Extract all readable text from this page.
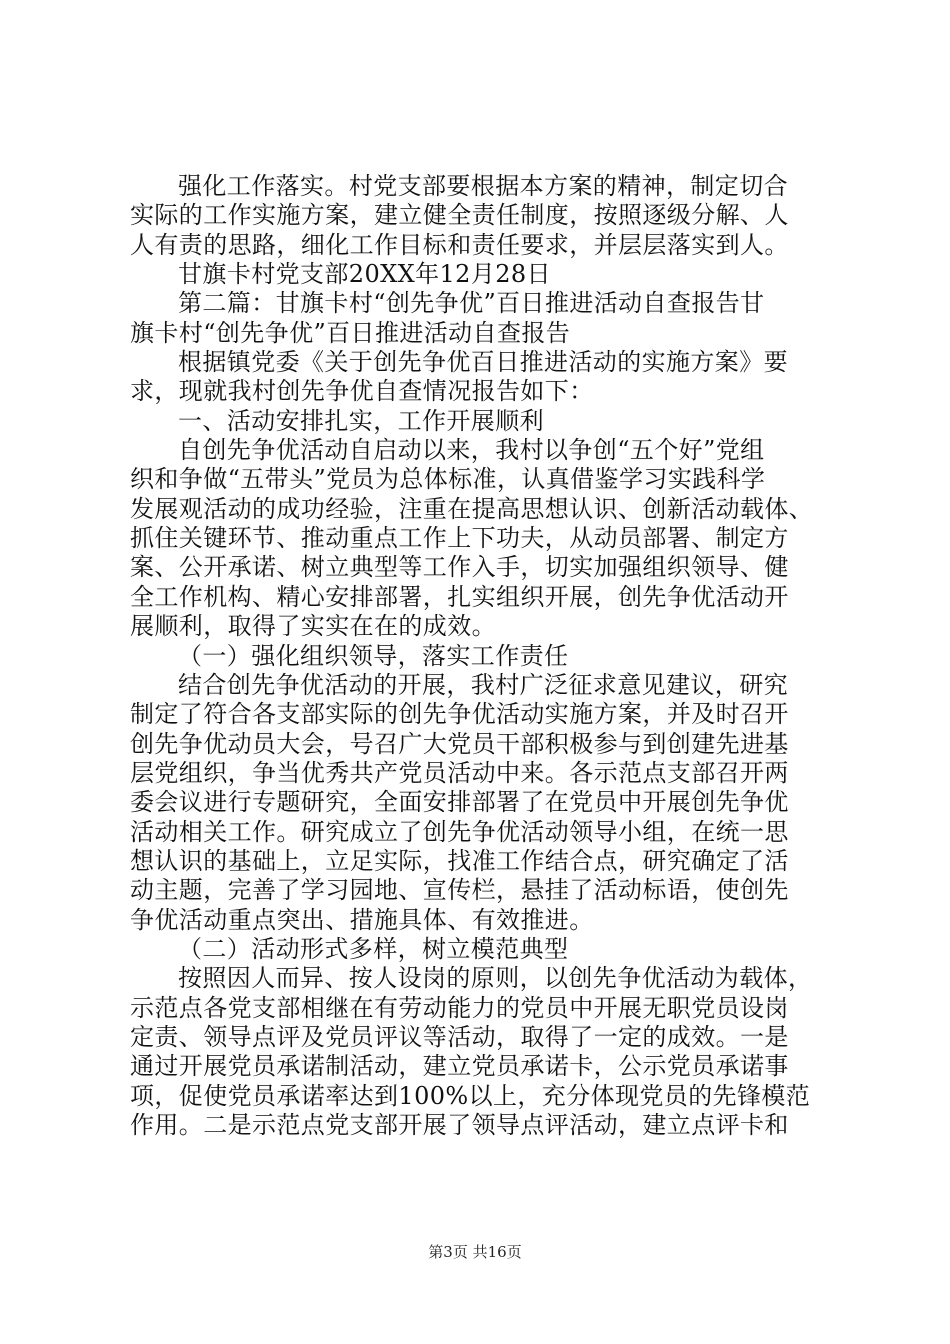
强化工作落实。村党支部要根据本方案的精神，制定切合
实际的工作实施方案，建立健全责任制度，按照逐级分解、人
人有责的思路，细化工作目标和责任要求，并层层落实到人。
甘旗卡村党支部20XX年12月28日
第二篇：甘旗卡村“创先争优”百日推进活动自查报告甘
旗卡村“创先争优”百日推进活动自查报告
根据镇党委《关于创先争优百日推进活动的实施方案》要
求，现就我村创先争优自查情况报告如下：
一、活动安排扎实，工作开展顺利
自创先争优活动自启动以来，我村以争创“五个好”党组
织和争做“五带头”党员为总体标准，认真借鉴学习实践科学
发展观活动的成功经验，注重在提高思想认识、创新活动载体、
抓住关键环节、推动重点工作上下功夫，从动员部署、制定方
案、公开承诺、树立典型等工作入手，切实加强组织领导、健
全工作机构、精心安排部署，扎实组织开展，创先争优活动开
展顺利，取得了实实在在的成效。
（一）强化组织领导，落实工作责任
结合创先争优活动的开展，我村广泛征求意见建议，研究
制定了符合各支部实际的创先争优活动实施方案，并及时召开
创先争优动员大会，号召广大党员干部积极参与到创建先进基
层党组织，争当优秀共产党员活动中来。各示范点支部召开两
委会议进行专题研究，全面安排部署了在党员中开展创先争优
活动相关工作。研究成立了创先争优活动领导小组，在统一思
想认识的基础上，立足实际，找准工作结合点，研究确定了活
动主题，完善了学习园地、宣传栏，悬挂了活动标语，使创先
争优活动重点突出、措施具体、有效推进。
（二）活动形式多样，树立模范典型
按照因人而异、按人设岗的原则，以创先争优活动为载体，
示范点各党支部相继在有劳动能力的党员中开展无职党员设岗
定责、领导点评及党员评议等活动，取得了一定的成效。一是
通过开展党员承诺制活动，建立党员承诺卡，公示党员承诺事
项，促使党员承诺率达到100%以上，充分体现党员的先锋模范
作用。二是示范点党支部开展了领导点评活动，建立点评卡和
第3页 共16页
